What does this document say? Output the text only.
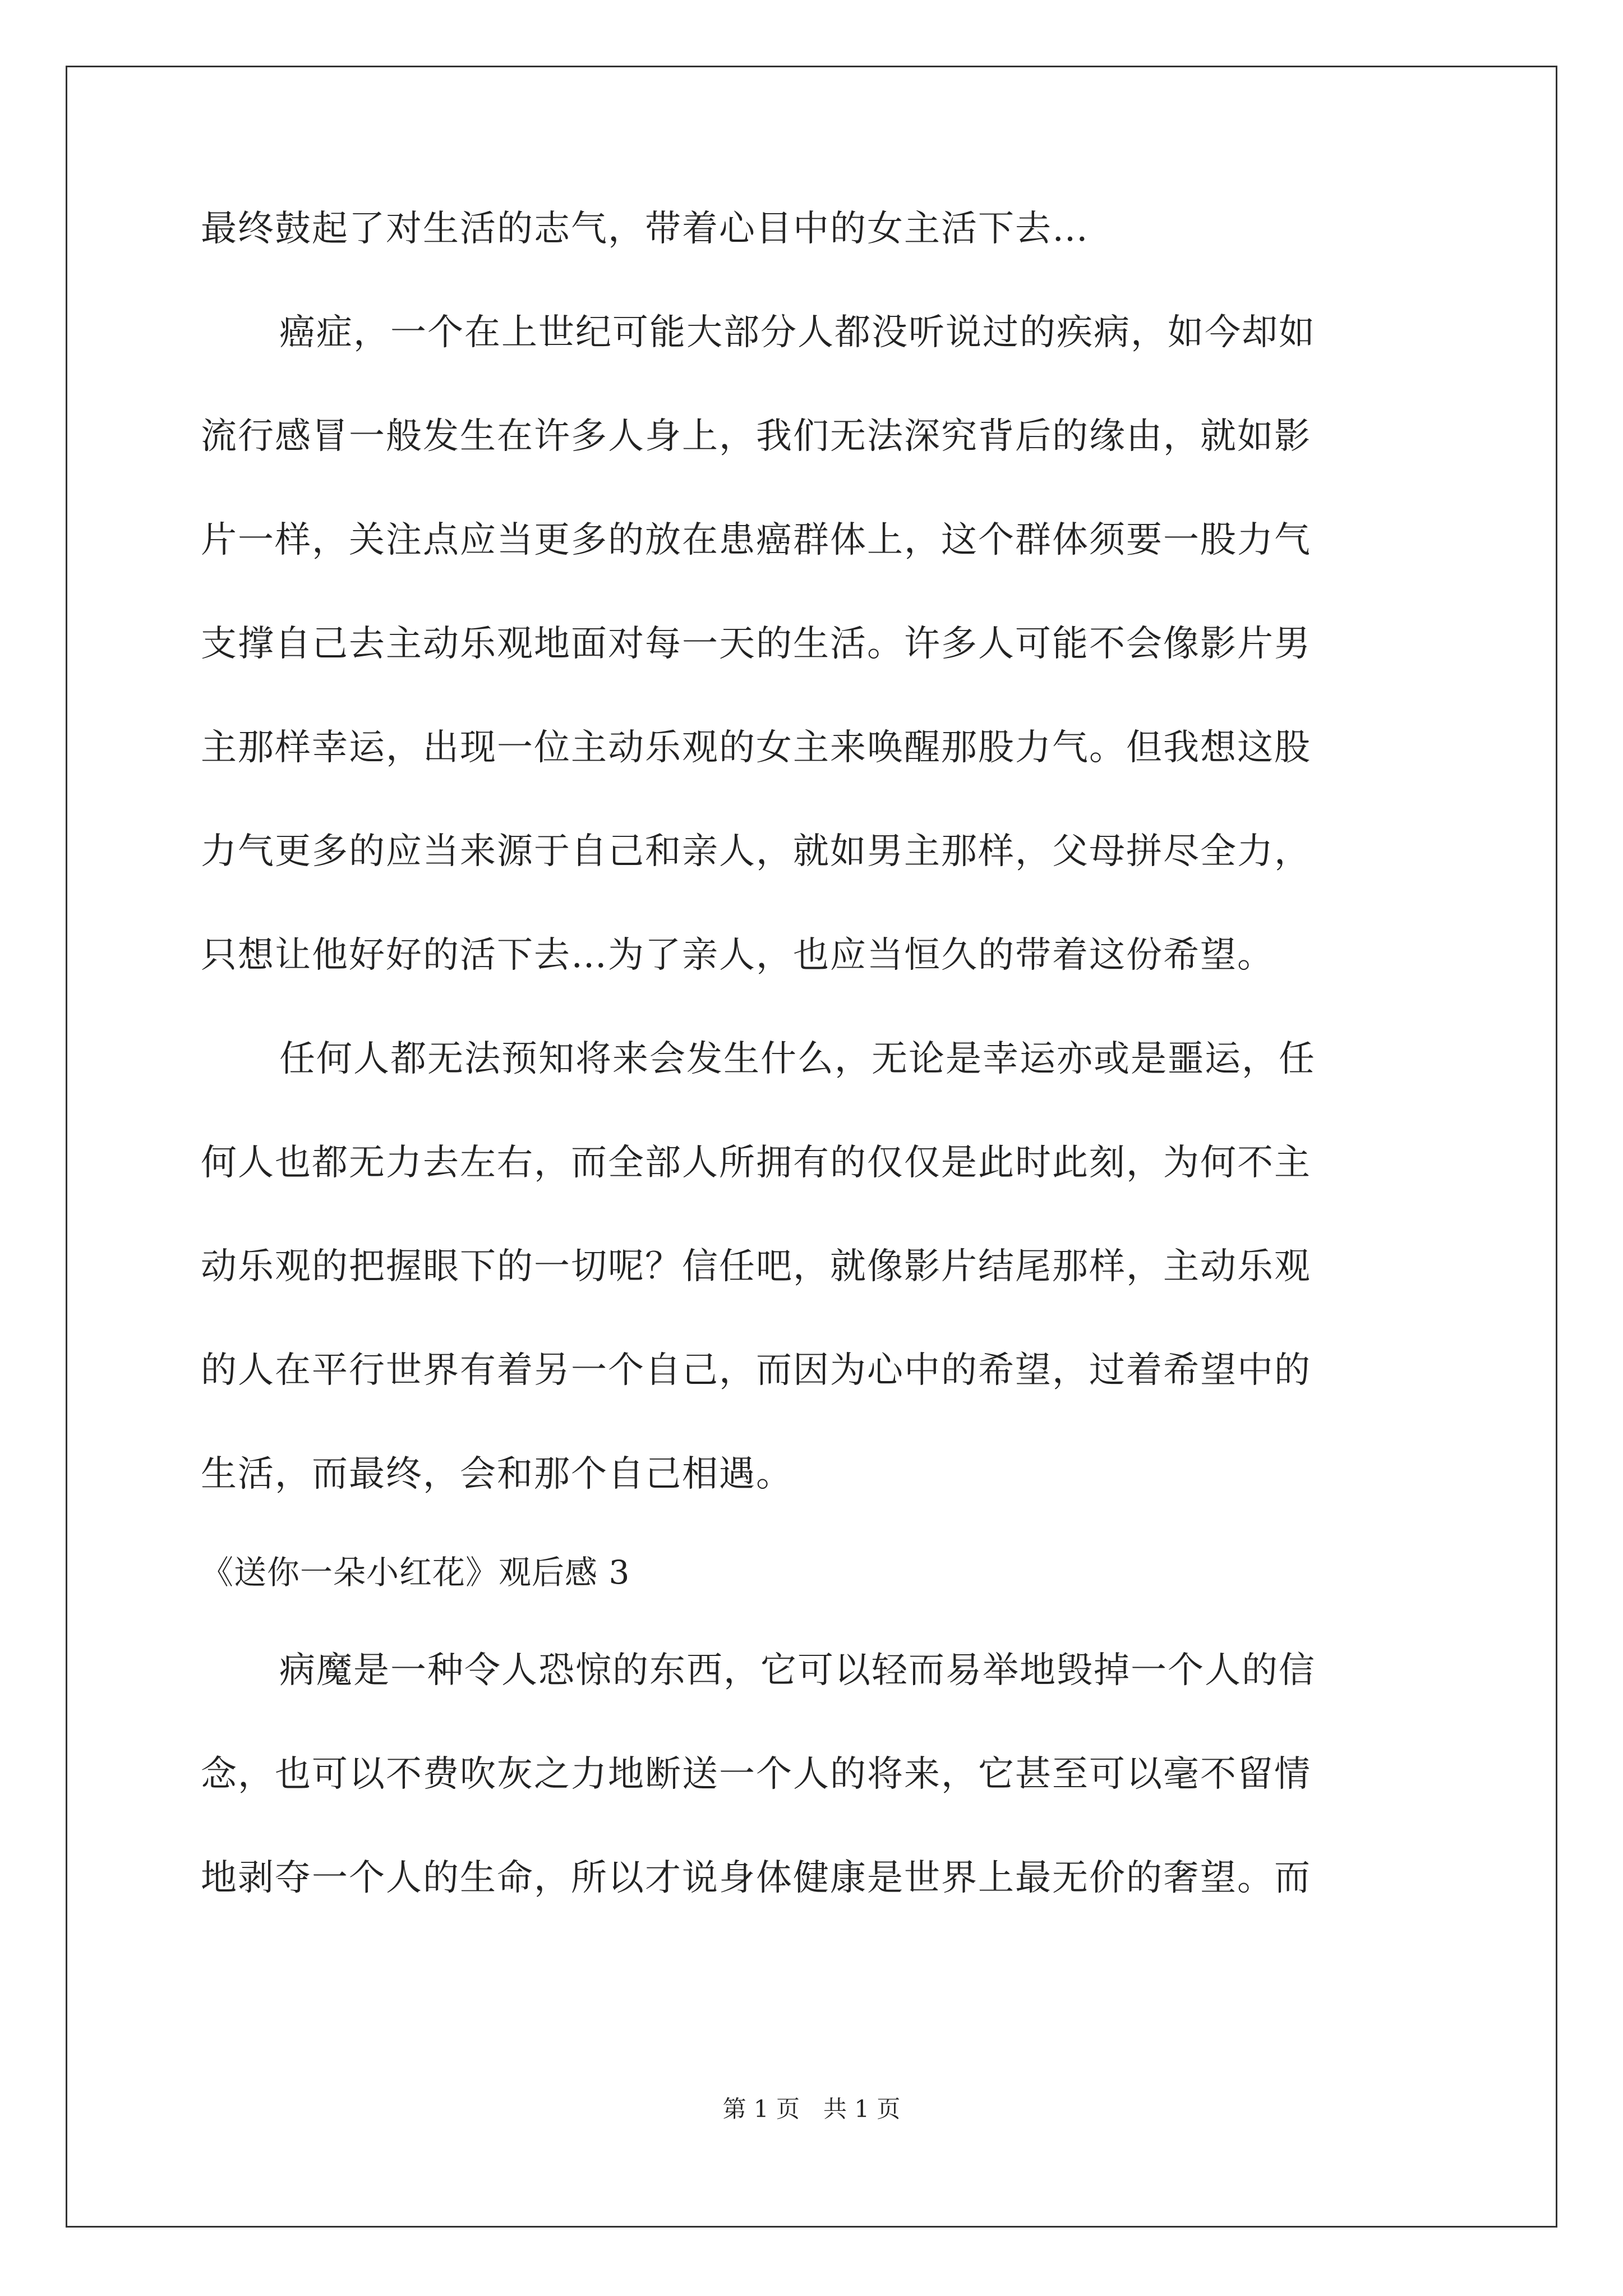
最终鼓起了对生活的志气，带着心目中的女主活下去…
癌症，一个在上世纪可能大部分人都没听说过的疾病，如今却如
流行感冒一般发生在许多人身上，我们无法深究背后的缘由，就如影
片一样，关注点应当更多的放在患癌群体上，这个群体须要一股力气
支撑自己去主动乐观地面对每一天的生活。许多人可能不会像影片男
主那样幸运，出现一位主动乐观的女主来唤醒那股力气。但我想这股
力气更多的应当来源于自己和亲人，就如男主那样，父母拼尽全力，
只想让他好好的活下去…为了亲人，也应当恒久的带着这份希望。
任何人都无法预知将来会发生什么，无论是幸运亦或是噩运，任
何人也都无力去左右，而全部人所拥有的仅仅是此时此刻，为何不主
动乐观的把握眼下的一切呢？信任吧，就像影片结尾那样，主动乐观
的人在平行世界有着另一个自己，而因为心中的希望，过着希望中的
生活，而最终，会和那个自己相遇。
《送你一朵小红花》观后感 3
病魔是一种令人恐惊的东西，它可以轻而易举地毁掉一个人的信
念，也可以不费吹灰之力地断送一个人的将来，它甚至可以毫不留情
地剥夺一个人的生命，所以才说身体健康是世界上最无价的奢望。而
第 1 页　共 1 页
